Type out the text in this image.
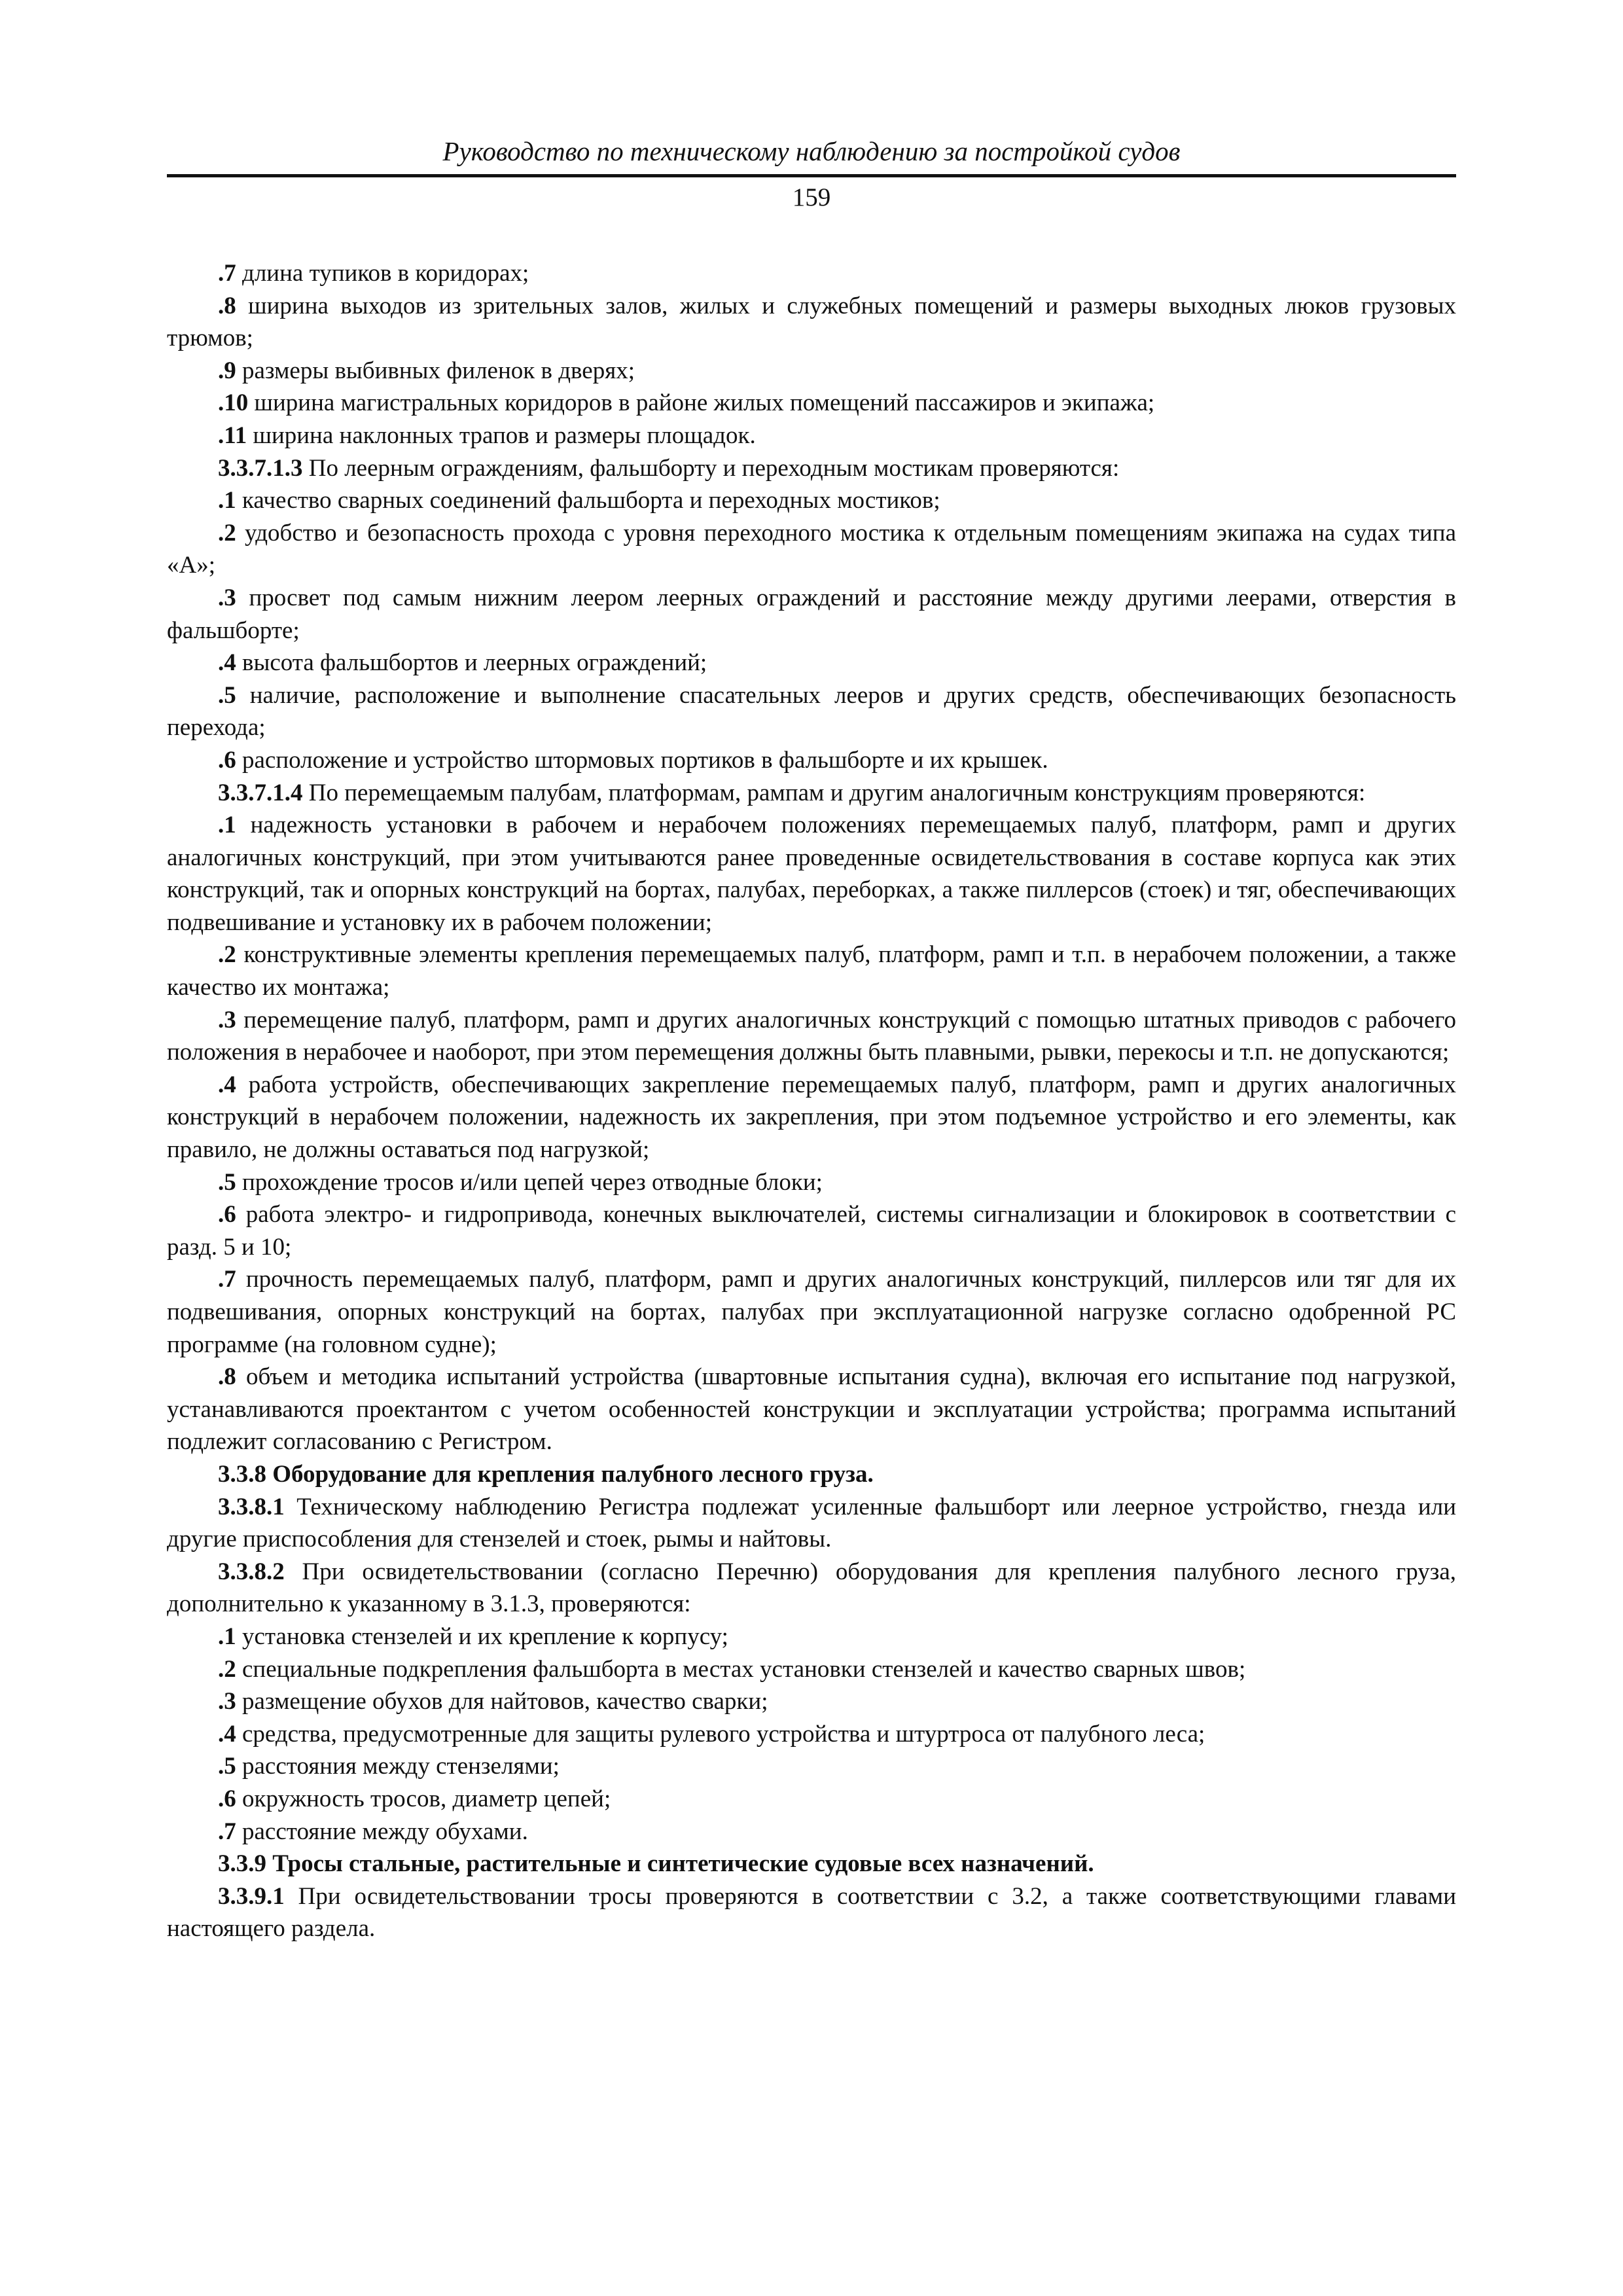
Руководство по техническому наблюдению за постройкой судов
159

.7 длина тупиков в коридорах;

.8 ширина выходов из зрительных залов, жилых и служебных помещений и размеры выходных люков грузовых трюмов;

.9 размеры выбивных филенок в дверях;

.10 ширина магистральных коридоров в районе жилых помещений пассажиров и экипажа;

.11 ширина наклонных трапов и размеры площадок.

3.3.7.1.3 По леерным ограждениям, фальшборту и переходным мостикам проверяются:

.1 качество сварных соединений фальшборта и переходных мостиков;

.2 удобство и безопасность прохода с уровня переходного мостика к отдельным помещениям экипажа на судах типа «А»;

.3 просвет под самым нижним леером леерных ограждений и расстояние между другими леерами, отверстия в фальшборте;

.4 высота фальшбортов и леерных ограждений;

.5 наличие, расположение и выполнение спасательных леeров и других средств, обеспечивающих безопасность перехода;

.6 расположение и устройство штормовых портиков в фальшборте и их крышек.

3.3.7.1.4 По перемещаемым палубам, платформам, рампам и другим аналогичным конструкциям проверяются:

.1 надежность установки в рабочем и нерабочем положениях перемещаемых палуб, платформ, рамп и других аналогичных конструкций, при этом учитываются ранее проведенные освидетельствования в составе корпуса как этих конструкций, так и опорных конструкций на бортах, палубах, переборках, а также пиллерсов (стоек) и тяг, обеспечивающих подвешивание и установку их в рабочем положении;

.2 конструктивные элементы крепления перемещаемых палуб, платформ, рамп и т.п. в нерабочем положении, а также качество их монтажа;

.3 перемещение палуб, платформ, рамп и других аналогичных конструкций с помощью штатных приводов с рабочего положения в нерабочее и наоборот, при этом перемещения должны быть плавными, рывки, перекосы и т.п. не допускаются;

.4 работа устройств, обеспечивающих закрепление перемещаемых палуб, платформ, рамп и других аналогичных конструкций в нерабочем положении, надежность их закрепления, при этом подъемное устройство и его элементы, как правило, не должны оставаться под нагрузкой;

.5 прохождение тросов и/или цепей через отводные блоки;

.6 работа электро- и гидропривода, конечных выключателей, системы сигнализации и блокировок в соответствии с разд. 5 и 10;

.7 прочность перемещаемых палуб, платформ, рамп и других аналогичных конструкций, пиллерсов или тяг для их подвешивания, опорных конструкций на бортах, палубах при эксплуатационной нагрузке согласно одобренной РС программе (на головном судне);

.8 объем и методика испытаний устройства (швартовные испытания судна), включая его испытание под нагрузкой, устанавливаются проектантом с учетом особенностей конструкции и эксплуатации устройства; программа испытаний подлежит согласованию с Регистром.

3.3.8 Оборудование для крепления палубного лесного груза.

3.3.8.1 Техническому наблюдению Регистра подлежат усиленные фальшборт или леерное устройство, гнезда или другие приспособления для стензелей и стоек, рымы и найтовы.

3.3.8.2 При освидетельствовании (согласно Перечню) оборудования для крепления палубного лесного груза, дополнительно к указанному в 3.1.3, проверяются:

.1 установка стензелей и их крепление к корпусу;

.2 специальные подкрепления фальшборта в местах установки стензелей и качество сварных швов;

.3 размещение обухов для найтовов, качество сварки;

.4 средства, предусмотренные для защиты рулевого устройства и штуртроса от палубного леса;

.5 расстояния между стензелями;

.6 окружность тросов, диаметр цепей;

.7 расстояние между обухами.

3.3.9 Тросы стальные, растительные и синтетические судовые всех назначений.

3.3.9.1 При освидетельствовании тросы проверяются в соответствии с 3.2, а также соответствующими главами настоящего раздела.
